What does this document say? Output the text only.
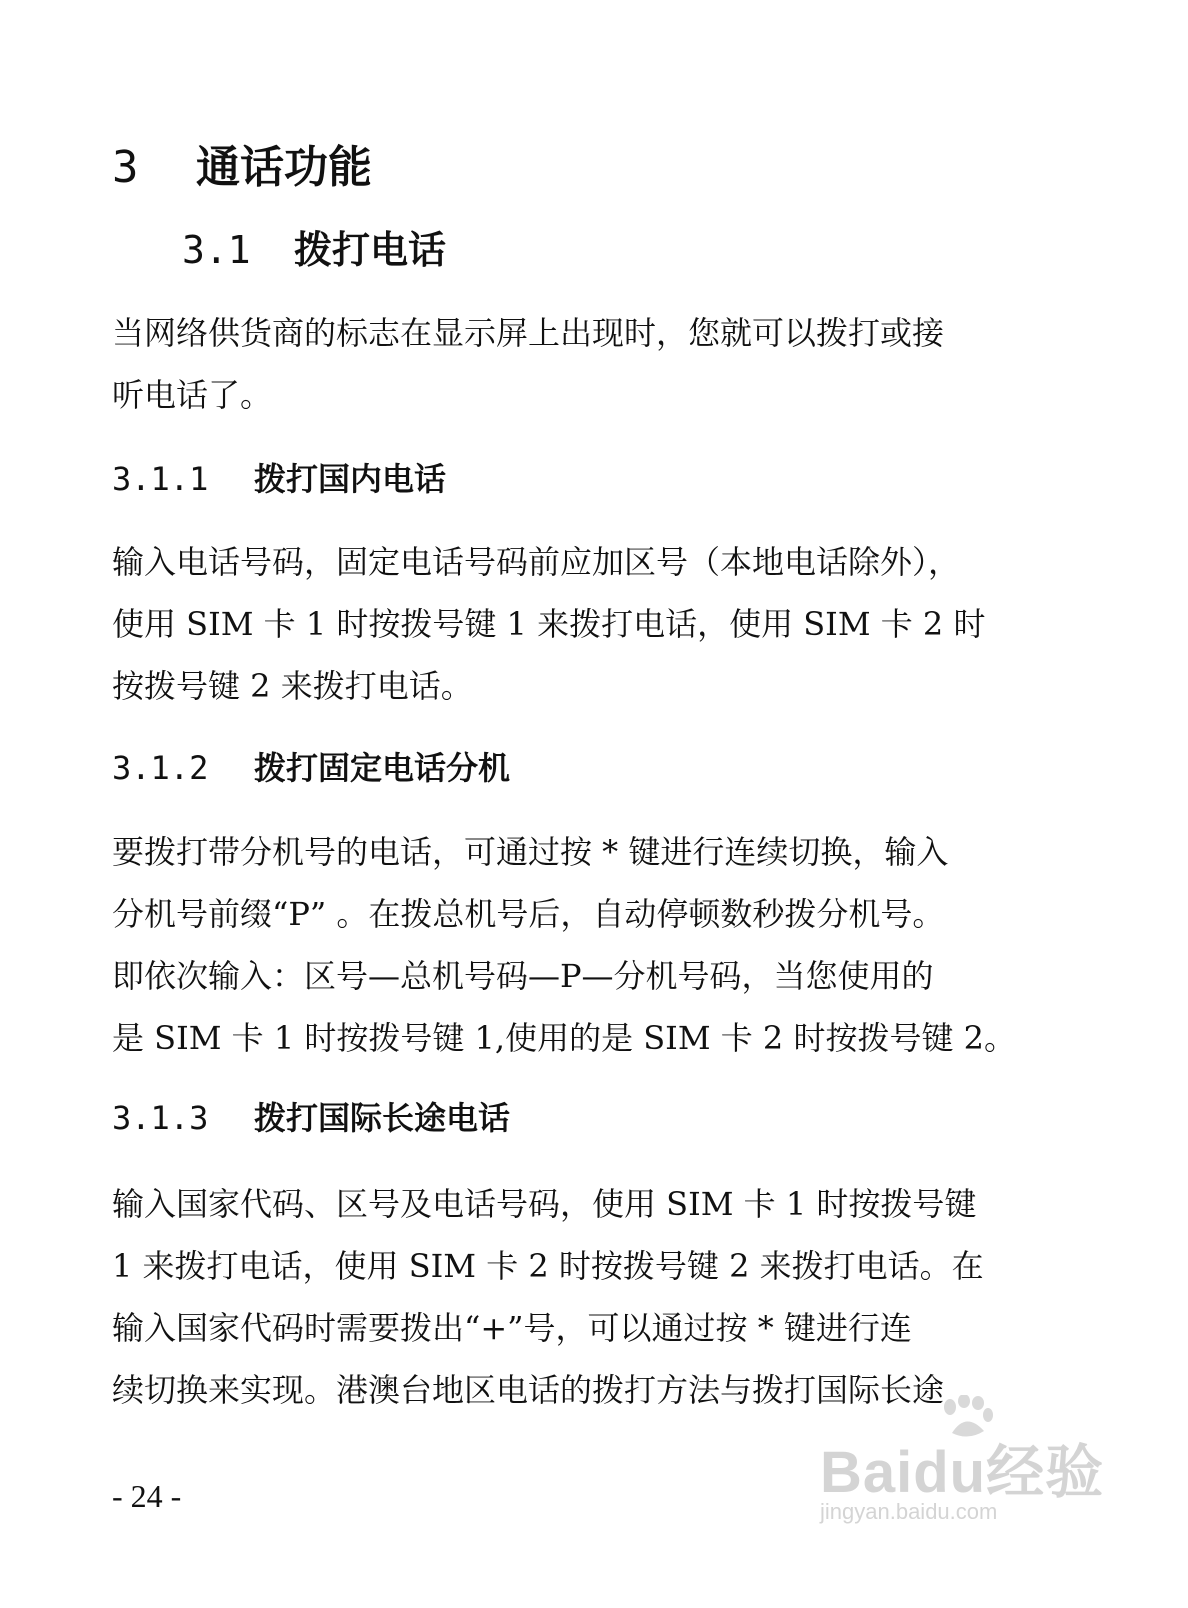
3 通话功能
3.1 拨打电话
当网络供货商的标志在显示屏上出现时，您就可以拨打或接
听电话了。
3.1.1 拨打国内电话
输入电话号码，固定电话号码前应加区号（本地电话除外），
使用 SIM 卡 1 时按拨号键 1 来拨打电话，使用 SIM 卡 2 时
按拨号键 2 来拨打电话。
3.1.2 拨打固定电话分机
要拨打带分机号的电话，可通过按 * 键进行连续切换，输入
分机号前缀“P” 。在拨总机号后，自动停顿数秒拨分机号。
即依次输入：区号—总机号码—P—分机号码，当您使用的
是 SIM 卡 1 时按拨号键 1,使用的是 SIM 卡 2 时按拨号键 2。
3.1.3 拨打国际长途电话
输入国家代码、区号及电话号码，使用 SIM 卡 1 时按拨号键
1 来拨打电话，使用 SIM 卡 2 时按拨号键 2 来拨打电话。在
输入国家代码时需要拨出“+”号，可以通过按 * 键进行连
续切换来实现。港澳台地区电话的拨打方法与拨打国际长途
- 24 -	Baidu经验
jingyan.baidu.com
